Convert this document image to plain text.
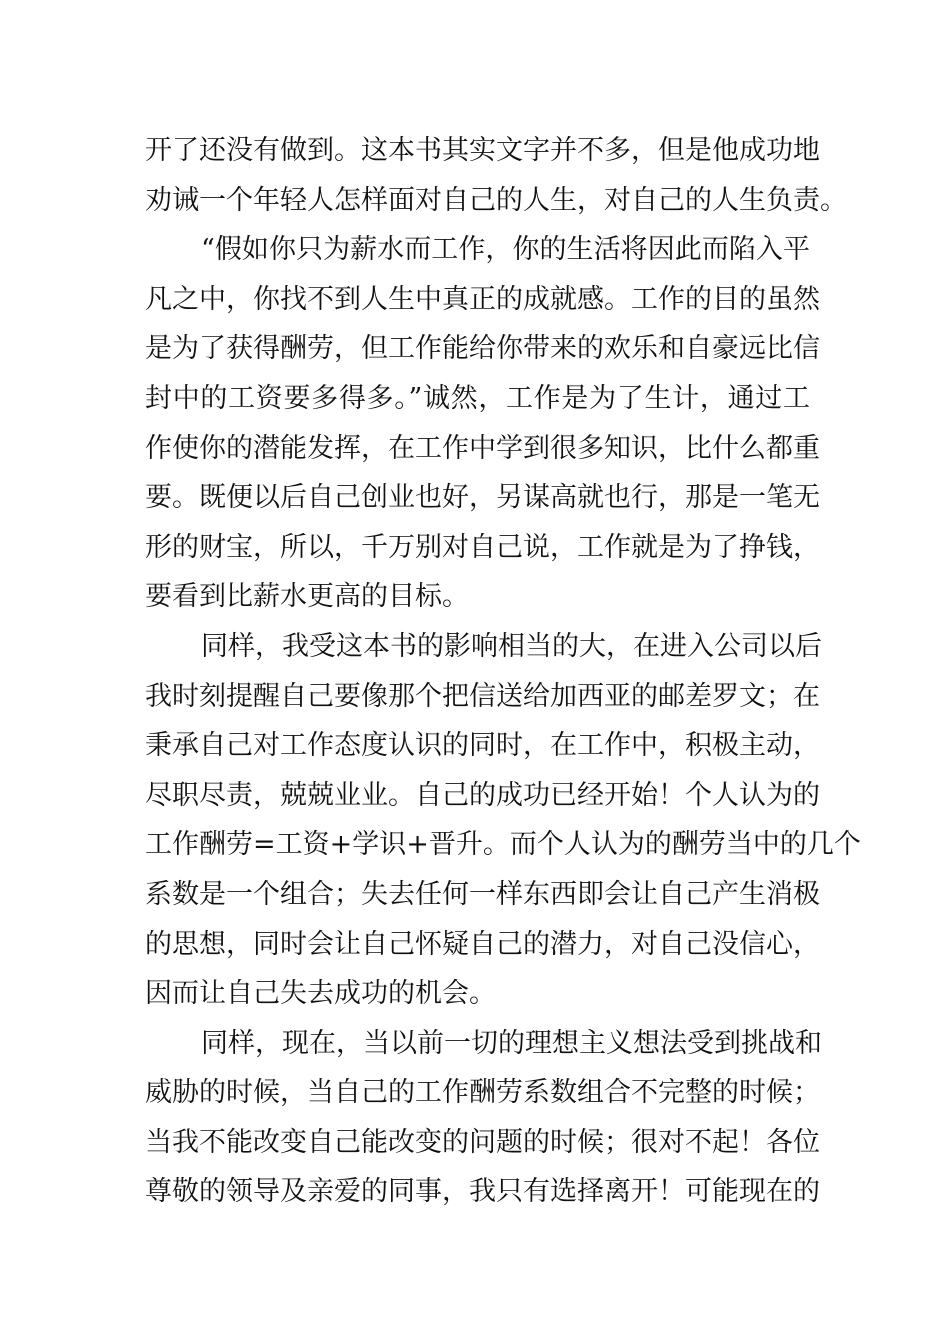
开了还没有做到。这本书其实文字并不多，但是他成功地
劝诫一个年轻人怎样面对自己的人生，对自己的人生负责。
“假如你只为薪水而工作，你的生活将因此而陷入平
凡之中，你找不到人生中真正的成就感。工作的目的虽然
是为了获得酬劳，但工作能给你带来的欢乐和自豪远比信
封中的工资要多得多。”诚然，工作是为了生计，通过工
作使你的潜能发挥，在工作中学到很多知识，比什么都重
要。既便以后自己创业也好，另谋高就也行，那是一笔无
形的财宝，所以，千万别对自己说，工作就是为了挣钱，
要看到比薪水更高的目标。
同样，我受这本书的影响相当的大，在进入公司以后
我时刻提醒自己要像那个把信送给加西亚的邮差罗文；在
秉承自己对工作态度认识的同时，在工作中，积极主动，
尽职尽责，兢兢业业。自己的成功已经开始！个人认为的
工作酬劳=工资+学识+晋升。而个人认为的酬劳当中的几个
系数是一个组合；失去任何一样东西即会让自己产生消极
的思想，同时会让自己怀疑自己的潜力，对自己没信心，
因而让自己失去成功的机会。
同样，现在，当以前一切的理想主义想法受到挑战和
威胁的时候，当自己的工作酬劳系数组合不完整的时候；
当我不能改变自己能改变的问题的时候；很对不起！各位
尊敬的领导及亲爱的同事，我只有选择离开！可能现在的
